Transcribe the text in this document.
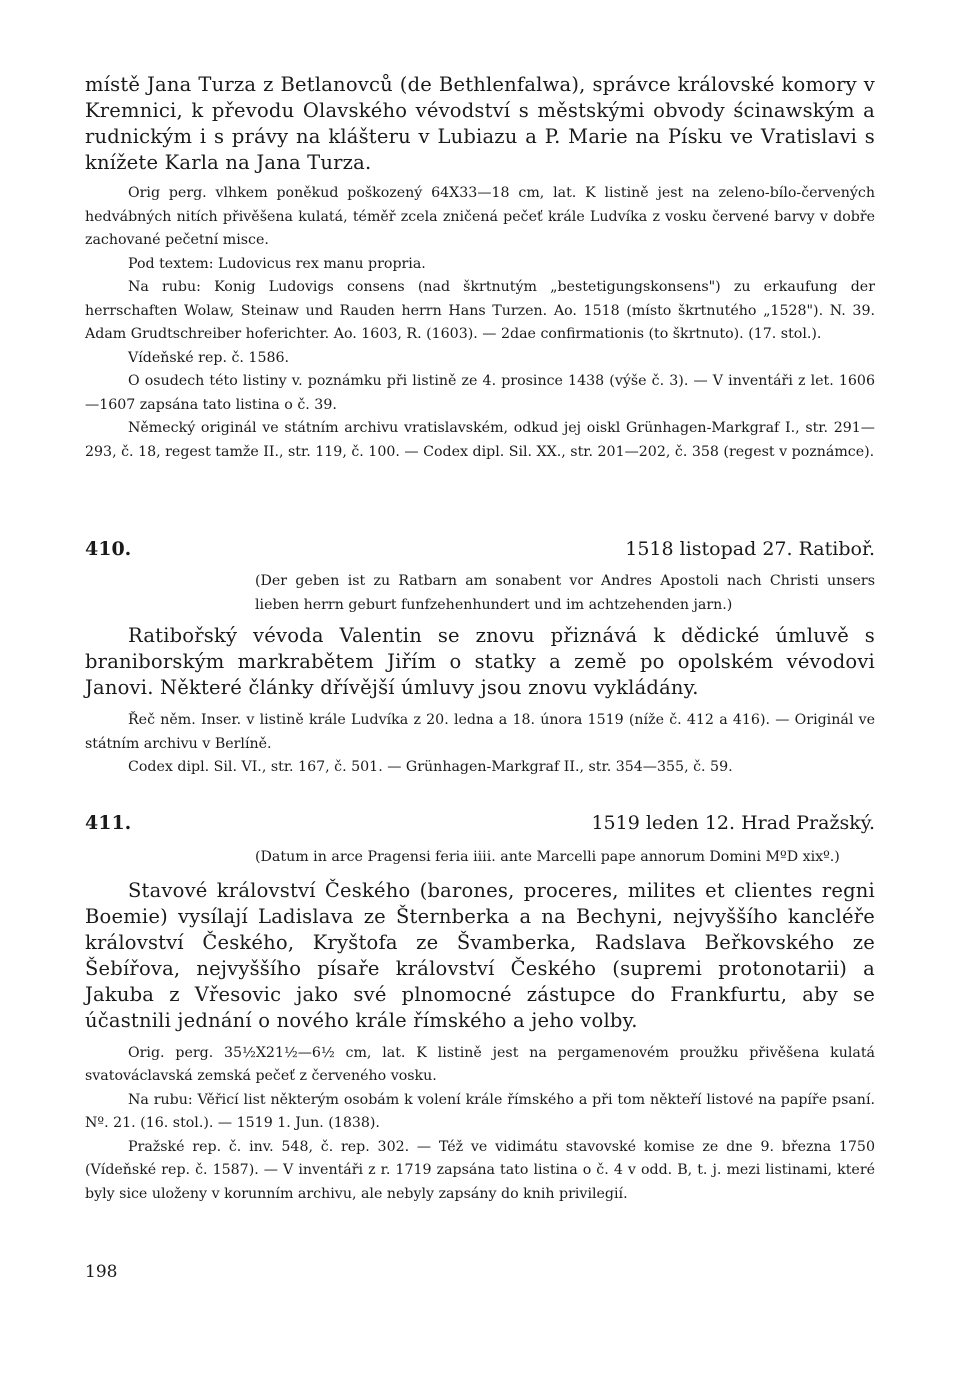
místě Jana Turza z Betlanovců (de Bethlenfalwa), správce královské komory v Kremnici, k převodu Olavského vévodství s městskými obvody ścinawským a rudnickým i s právy na klášteru v Lubiazu a P. Marie na Písku ve Vratislavi s knížete Karla na Jana Turza.

Orig perg. vlhkem poněkud poškozený 64X33—18 cm, lat. K listině jest na zeleno-bílo-červených hedvábných nitích přivěšena kulatá, téměř zcela zničená pečeť krále Ludvíka z vosku červené barvy v dobře zachované pečetní misce.

Pod textem: Ludovicus rex manu propria.

Na rubu: Konig Ludovigs consens (nad škrtnutým „bestetigungskonsens") zu erkaufung der herrschaften Wolaw, Steinaw und Rauden herrn Hans Turzen. Ao. 1518 (místo škrtnutého „1528"). N. 39. Adam Grudtschreiber hoferichter. Ao. 1603, R. (1603). — 2dae confirmationis (to škrtnuto). (17. stol.).

Vídeňské rep. č. 1586.

O osudech této listiny v. poznámku při listině ze 4. prosince 1438 (výše č. 3). — V inventáři z let. 1606—1607 zapsána tato listina o č. 39.

Německý originál ve státním archivu vratislavském, odkud jej oiskl Grünhagen-Markgraf I., str. 291—293, č. 18, regest tamže II., str. 119, č. 100. — Codex dipl. Sil. XX., str. 201—202, č. 358 (regest v poznámce).

410.	1518 listopad 27. Ratiboř.

(Der geben ist zu Ratbarn am sonabent vor Andres Apostoli nach Christi unsers lieben herrn geburt funfzehenhundert und im achtzehenden jarn.)

Ratibořský vévoda Valentin se znovu přiznává k dědické úmluvě s braniborským markrabětem Jiřím o statky a země po opolském vévodovi Janovi. Některé články dřívější úmluvy jsou znovu vykládány.

Řeč něm. Inser. v listině krále Ludvíka z 20. ledna a 18. února 1519 (níže č. 412 a 416). — Originál ve státním archivu v Berlíně.

Codex dipl. Sil. VI., str. 167, č. 501. — Grünhagen-Markgraf II., str. 354—355, č. 59.

411.	1519 leden 12. Hrad Pražský.

(Datum in arce Pragensi feria iiii. ante Marcelli pape annorum Domini MºD xixº.)

Stavové království Českého (barones, proceres, milites et clientes regni Boemie) vysílají Ladislava ze Šternberka a na Bechyni, nejvyššího kancléře království Českého, Kryštofa ze Švamberka, Radslava Beřkovského ze Šebířova, nejvyššího písaře království Českého (supremi protonotarii) a Jakuba z Vřesovic jako své plnomocné zástupce do Frankfurtu, aby se účastnili jednání o nového krále římského a jeho volby.

Orig. perg. 35½X21½—6½ cm, lat. K listině jest na pergamenovém proužku přivěšena kulatá svatováclavská zemská pečeť z červeného vosku.

Na rubu: Věřicí list některým osobám k volení krále římského a při tom někteří listové na papíře psaní. Nº. 21. (16. stol.). — 1519 1. Jun. (1838).

Pražské rep. č. inv. 548, č. rep. 302. — Též ve vidimátu stavovské komise ze dne 9. března 1750 (Vídeňské rep. č. 1587). — V inventáři z r. 1719 zapsána tato listina o č. 4 v odd. B, t. j. mezi listinami, které byly sice uloženy v korunním archivu, ale nebyly zapsány do knih privilegií.

198
